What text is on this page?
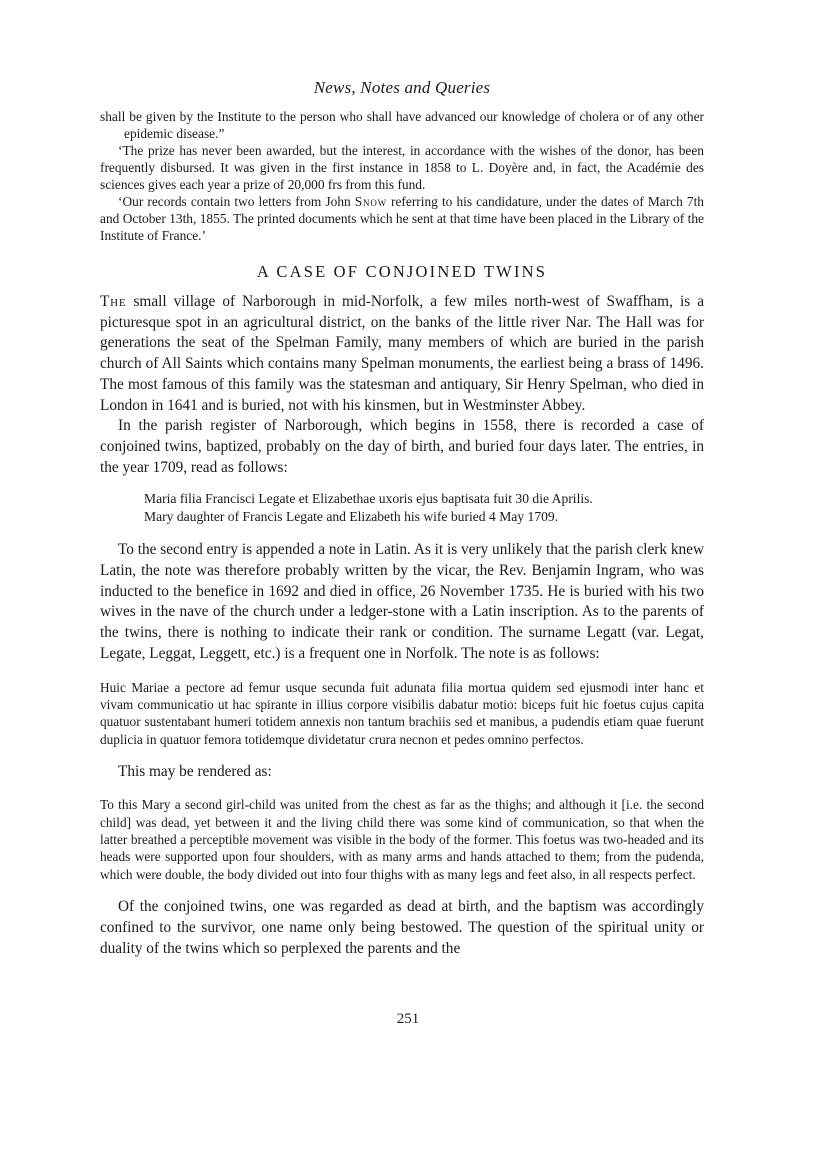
News, Notes and Queries

shall be given by the Institute to the person who shall have advanced our knowledge of cholera or of any other epidemic disease.”

‘The prize has never been awarded, but the interest, in accordance with the wishes of the donor, has been frequently disbursed. It was given in the first instance in 1858 to L. Doyère and, in fact, the Académie des sciences gives each year a prize of 20,000 frs from this fund.

‘Our records contain two letters from John Snow referring to his candidature, under the dates of March 7th and October 13th, 1855. The printed documents which he sent at that time have been placed in the Library of the Institute of France.’

A CASE OF CONJOINED TWINS

The small village of Narborough in mid-Norfolk, a few miles north-west of Swaffham, is a picturesque spot in an agricultural district, on the banks of the little river Nar. The Hall was for generations the seat of the Spelman Family, many members of which are buried in the parish church of All Saints which contains many Spelman monuments, the earliest being a brass of 1496. The most famous of this family was the statesman and antiquary, Sir Henry Spelman, who died in London in 1641 and is buried, not with his kinsmen, but in Westminster Abbey.

In the parish register of Narborough, which begins in 1558, there is recorded a case of conjoined twins, baptized, probably on the day of birth, and buried four days later. The entries, in the year 1709, read as follows:

Maria filia Francisci Legate et Elizabethae uxoris ejus baptisata fuit 30 die Aprilis.

Mary daughter of Francis Legate and Elizabeth his wife buried 4 May 1709.

To the second entry is appended a note in Latin. As it is very unlikely that the parish clerk knew Latin, the note was therefore probably written by the vicar, the Rev. Benjamin Ingram, who was inducted to the benefice in 1692 and died in office, 26 November 1735. He is buried with his two wives in the nave of the church under a ledger-stone with a Latin inscription. As to the parents of the twins, there is nothing to indicate their rank or condition. The surname Legatt (var. Legat, Legate, Leggat, Leggett, etc.) is a frequent one in Norfolk. The note is as follows:

Huic Mariae a pectore ad femur usque secunda fuit adunata filia mortua quidem sed ejusmodi inter hanc et vivam communicatio ut hac spirante in illius corpore visibilis dabatur motio: biceps fuit hic foetus cujus capita quatuor sustentabant humeri totidem annexis non tantum brachiis sed et manibus, a pudendis etiam quae fuerunt duplicia in quatuor femora totidemque dividetatur crura necnon et pedes omnino perfectos.

This may be rendered as:

To this Mary a second girl-child was united from the chest as far as the thighs; and although it [i.e. the second child] was dead, yet between it and the living child there was some kind of communication, so that when the latter breathed a perceptible movement was visible in the body of the former. This foetus was two-headed and its heads were supported upon four shoulders, with as many arms and hands attached to them; from the pudenda, which were double, the body divided out into four thighs with as many legs and feet also, in all respects perfect.

Of the conjoined twins, one was regarded as dead at birth, and the baptism was accordingly confined to the survivor, one name only being bestowed. The question of the spiritual unity or duality of the twins which so perplexed the parents and the

251
